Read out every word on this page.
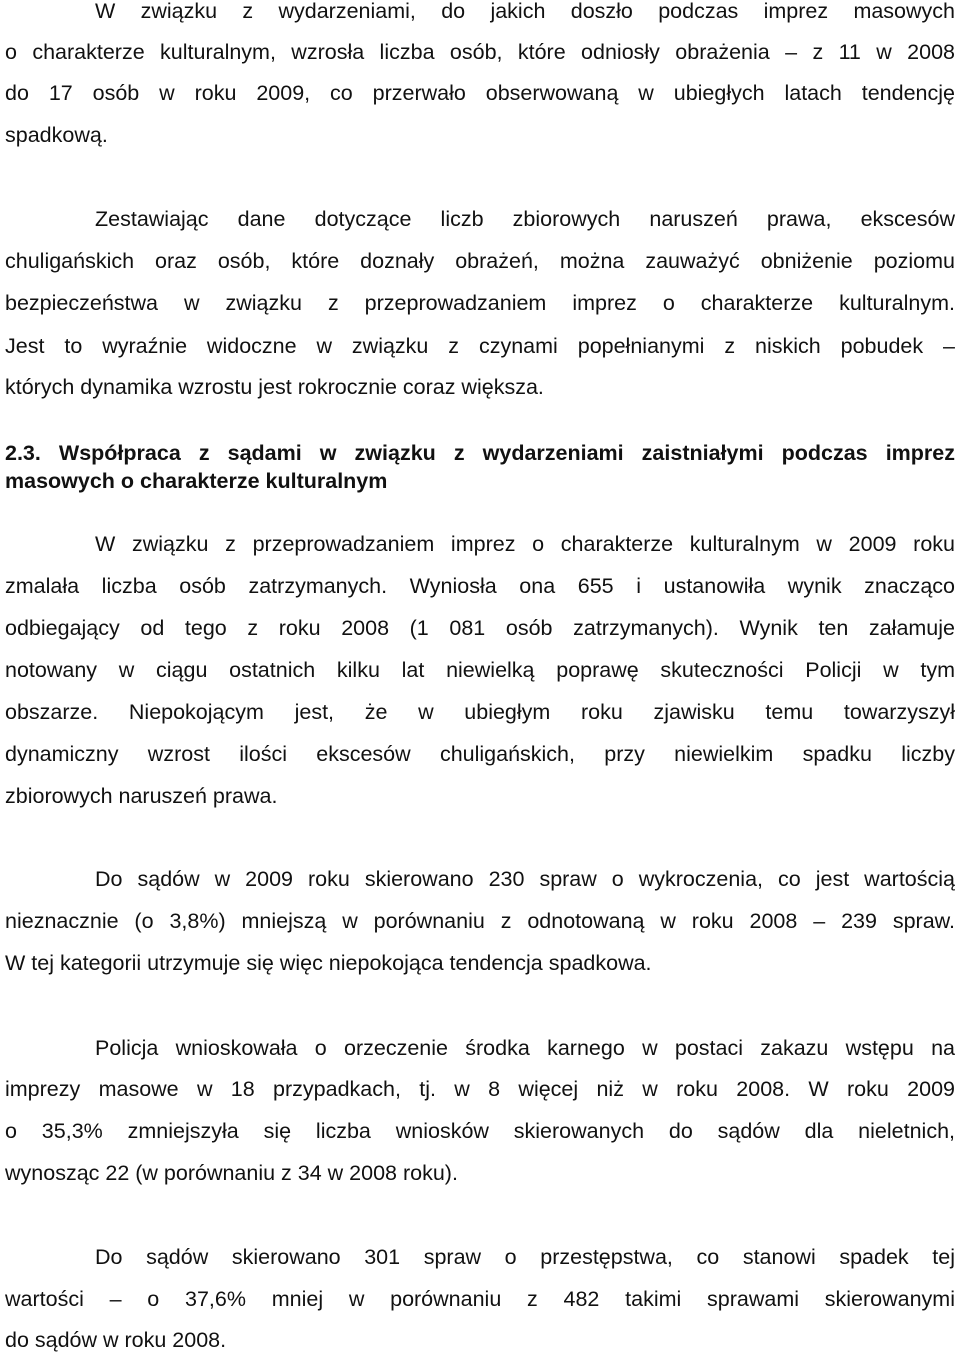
W związku z wydarzeniami, do jakich doszło podczas imprez masowych
o charakterze kulturalnym, wzrosła liczba osób, które odniosły obrażenia – z 11 w 2008
do 17 osób w roku 2009, co przerwało obserwowaną w ubiegłych latach tendencję
spadkową.
Zestawiając dane dotyczące liczb zbiorowych naruszeń prawa, ekscesów
chuligańskich oraz osób, które doznały obrażeń, można zauważyć obniżenie poziomu
bezpieczeństwa w związku z przeprowadzaniem imprez o charakterze kulturalnym.
Jest to wyraźnie widoczne w związku z czynami popełnianymi z niskich pobudek –
których dynamika wzrostu jest rokrocznie coraz większa.
2.3. Współpraca z sądami w związku z wydarzeniami zaistniałymi podczas imprez
masowych o charakterze kulturalnym
W związku z przeprowadzaniem imprez o charakterze kulturalnym w 2009 roku
zmalała liczba osób zatrzymanych. Wyniosła ona 655 i ustanowiła wynik znacząco
odbiegający od tego z roku 2008 (1 081 osób zatrzymanych). Wynik ten załamuje
notowany w ciągu ostatnich kilku lat niewielką poprawę skuteczności Policji w tym
obszarze. Niepokojącym jest, że w ubiegłym roku zjawisku temu towarzyszył
dynamiczny wzrost ilości ekscesów chuligańskich, przy niewielkim spadku liczby
zbiorowych naruszeń prawa.
Do sądów w 2009 roku skierowano 230 spraw o wykroczenia, co jest wartością
nieznacznie (o 3,8%) mniejszą w porównaniu z odnotowaną w roku 2008 – 239 spraw.
W tej kategorii utrzymuje się więc niepokojąca tendencja spadkowa.
Policja wnioskowała o orzeczenie środka karnego w postaci zakazu wstępu na
imprezy masowe w 18 przypadkach, tj. w 8 więcej niż w roku 2008. W roku 2009
o 35,3% zmniejszyła się liczba wniosków skierowanych do sądów dla nieletnich,
wynosząc 22 (w porównaniu z 34 w 2008 roku).
Do sądów skierowano 301 spraw o przestępstwa, co stanowi spadek tej
wartości – o 37,6% mniej w porównaniu z 482 takimi sprawami skierowanymi
do sądów w roku 2008.
